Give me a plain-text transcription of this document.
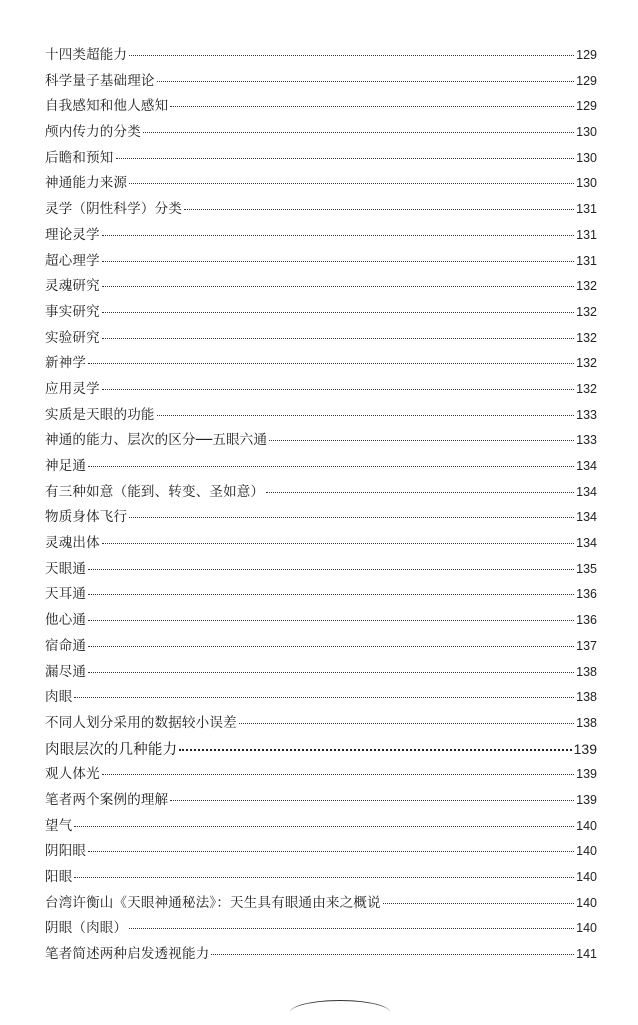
十四类超能力	129
科学量子基础理论	129
自我感知和他人感知	129
颅内传力的分类	130
后瞻和预知	130
神通能力来源	130
灵学（阴性科学）分类	131
理论灵学	131
超心理学	131
灵魂研究	132
事实研究	132
实验研究	132
新神学	132
应用灵学	132
实质是天眼的功能	133
神通的能力、层次的区分──五眼六通	133
神足通	134
有三种如意（能到、转变、圣如意）	134
物质身体飞行	134
灵魂出体	134
天眼通	135
天耳通	136
他心通	136
宿命通	137
漏尽通	138
肉眼	138
不同人划分采用的数据较小误差	138
肉眼层次的几种能力	139
观人体光	139
笔者两个案例的理解	139
望气	140
阴阳眼	140
阳眼	140
台湾许衡山《天眼神通秘法》：天生具有眼通由来之概说	140
阴眼（肉眼）	140
笔者简述两种启发透视能力	141
